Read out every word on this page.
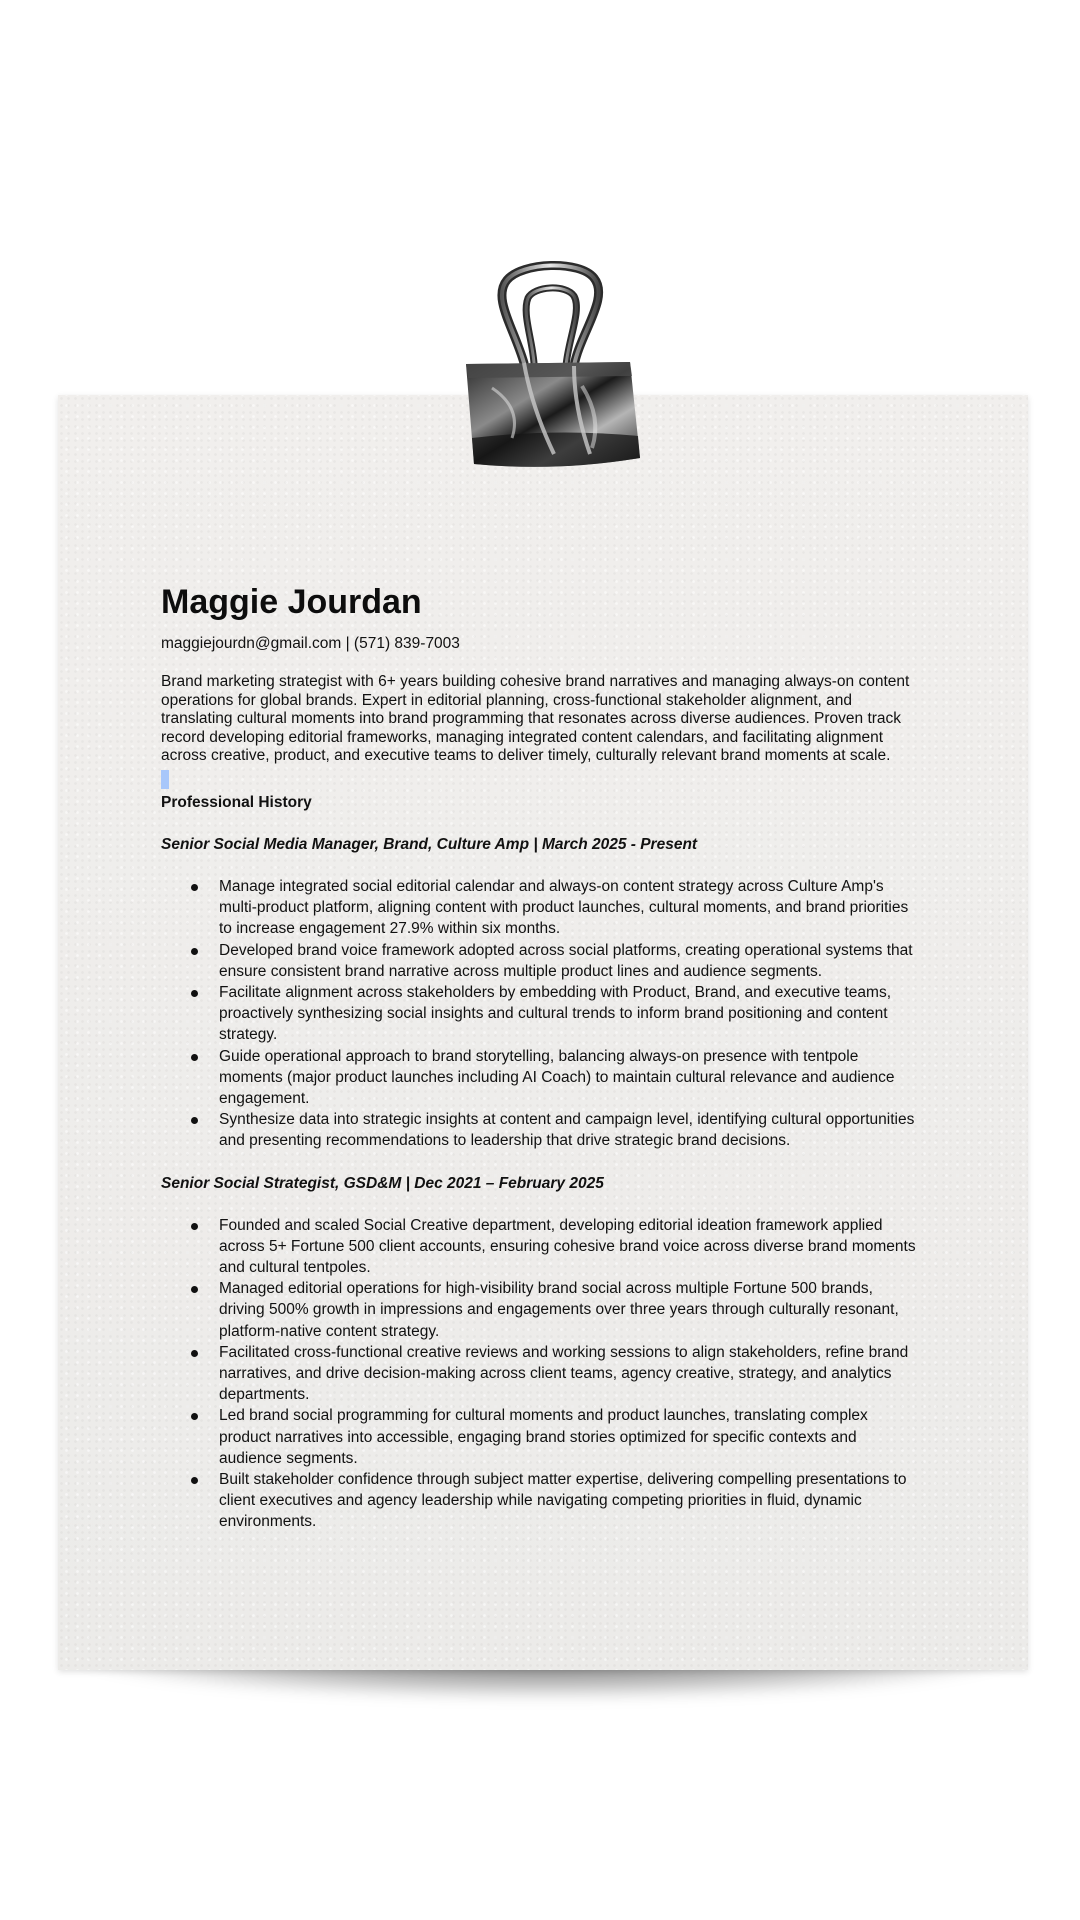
Maggie Jourdan
maggiejourdn@gmail.com | (571) 839-7003
Brand marketing strategist with 6+ years building cohesive brand narratives and managing always-on content operations for global brands. Expert in editorial planning, cross-functional stakeholder alignment, and translating cultural moments into brand programming that resonates across diverse audiences. Proven track record developing editorial frameworks, managing integrated content calendars, and facilitating alignment across creative, product, and executive teams to deliver timely, culturally relevant brand moments at scale.
Professional History
Senior Social Media Manager, Brand, Culture Amp | March 2025 - Present
Manage integrated social editorial calendar and always-on content strategy across Culture Amp's multi-product platform, aligning content with product launches, cultural moments, and brand priorities to increase engagement 27.9% within six months.
Developed brand voice framework adopted across social platforms, creating operational systems that ensure consistent brand narrative across multiple product lines and audience segments.
Facilitate alignment across stakeholders by embedding with Product, Brand, and executive teams, proactively synthesizing social insights and cultural trends to inform brand positioning and content strategy.
Guide operational approach to brand storytelling, balancing always-on presence with tentpole moments (major product launches including AI Coach) to maintain cultural relevance and audience engagement.
Synthesize data into strategic insights at content and campaign level, identifying cultural opportunities and presenting recommendations to leadership that drive strategic brand decisions.
Senior Social Strategist, GSD&M | Dec 2021 – February 2025
Founded and scaled Social Creative department, developing editorial ideation framework applied across 5+ Fortune 500 client accounts, ensuring cohesive brand voice across diverse brand moments and cultural tentpoles.
Managed editorial operations for high-visibility brand social across multiple Fortune 500 brands, driving 500% growth in impressions and engagements over three years through culturally resonant, platform-native content strategy.
Facilitated cross-functional creative reviews and working sessions to align stakeholders, refine brand narratives, and drive decision-making across client teams, agency creative, strategy, and analytics departments.
Led brand social programming for cultural moments and product launches, translating complex product narratives into accessible, engaging brand stories optimized for specific contexts and audience segments.
Built stakeholder confidence through subject matter expertise, delivering compelling presentations to client executives and agency leadership while navigating competing priorities in fluid, dynamic environments.
